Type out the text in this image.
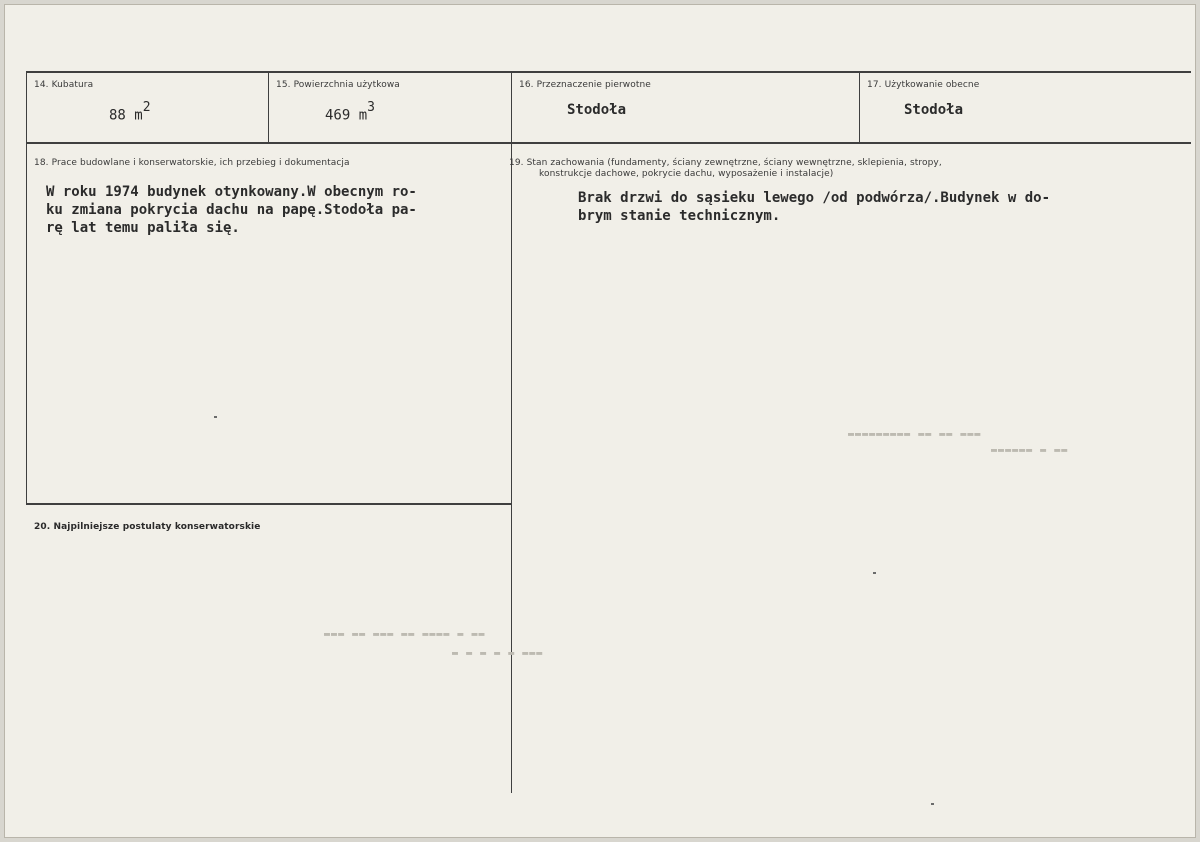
14. Kubatura
88 $m^2$
15. Powierzchnia użytkowa
469 $m^3$
16. Przeznaczenie pierwotne
Stodoła
17. Użytkowanie obecne
Stodoła
18. Prace budowlane i konserwatorskie, ich przebieg i dokumentacja
W roku 1974 budynek otynkowany.W obecnym ro-
ku zmiana pokrycia dachu na papę.Stodoła pa-
rę lat temu paliła się.
19. Stan zachowania (fundamenty, ściany zewnętrzne, ściany wewnętrzne, sklepienia, stropy,
konstrukcje dachowe, pokrycie dachu, wyposażenie i instalacje)
Brak drzwi do sąsieku lewego /od podwórza/.Budynek w do-
brym stanie technicznym.
20. Najpilniejsze postulaty konserwatorskie
▬▬▬ ▬▬ ▬▬ ▬▬▬▬▬▬▬▬▬
▬▬ ▬ ▬▬▬▬▬▬
▬▬ ▬ ▬▬▬▬ ▬▬ ▬▬▬ ▬▬ ▬▬▬
▬▬▬ ▬ ▬ ▬ ▬ ▬
